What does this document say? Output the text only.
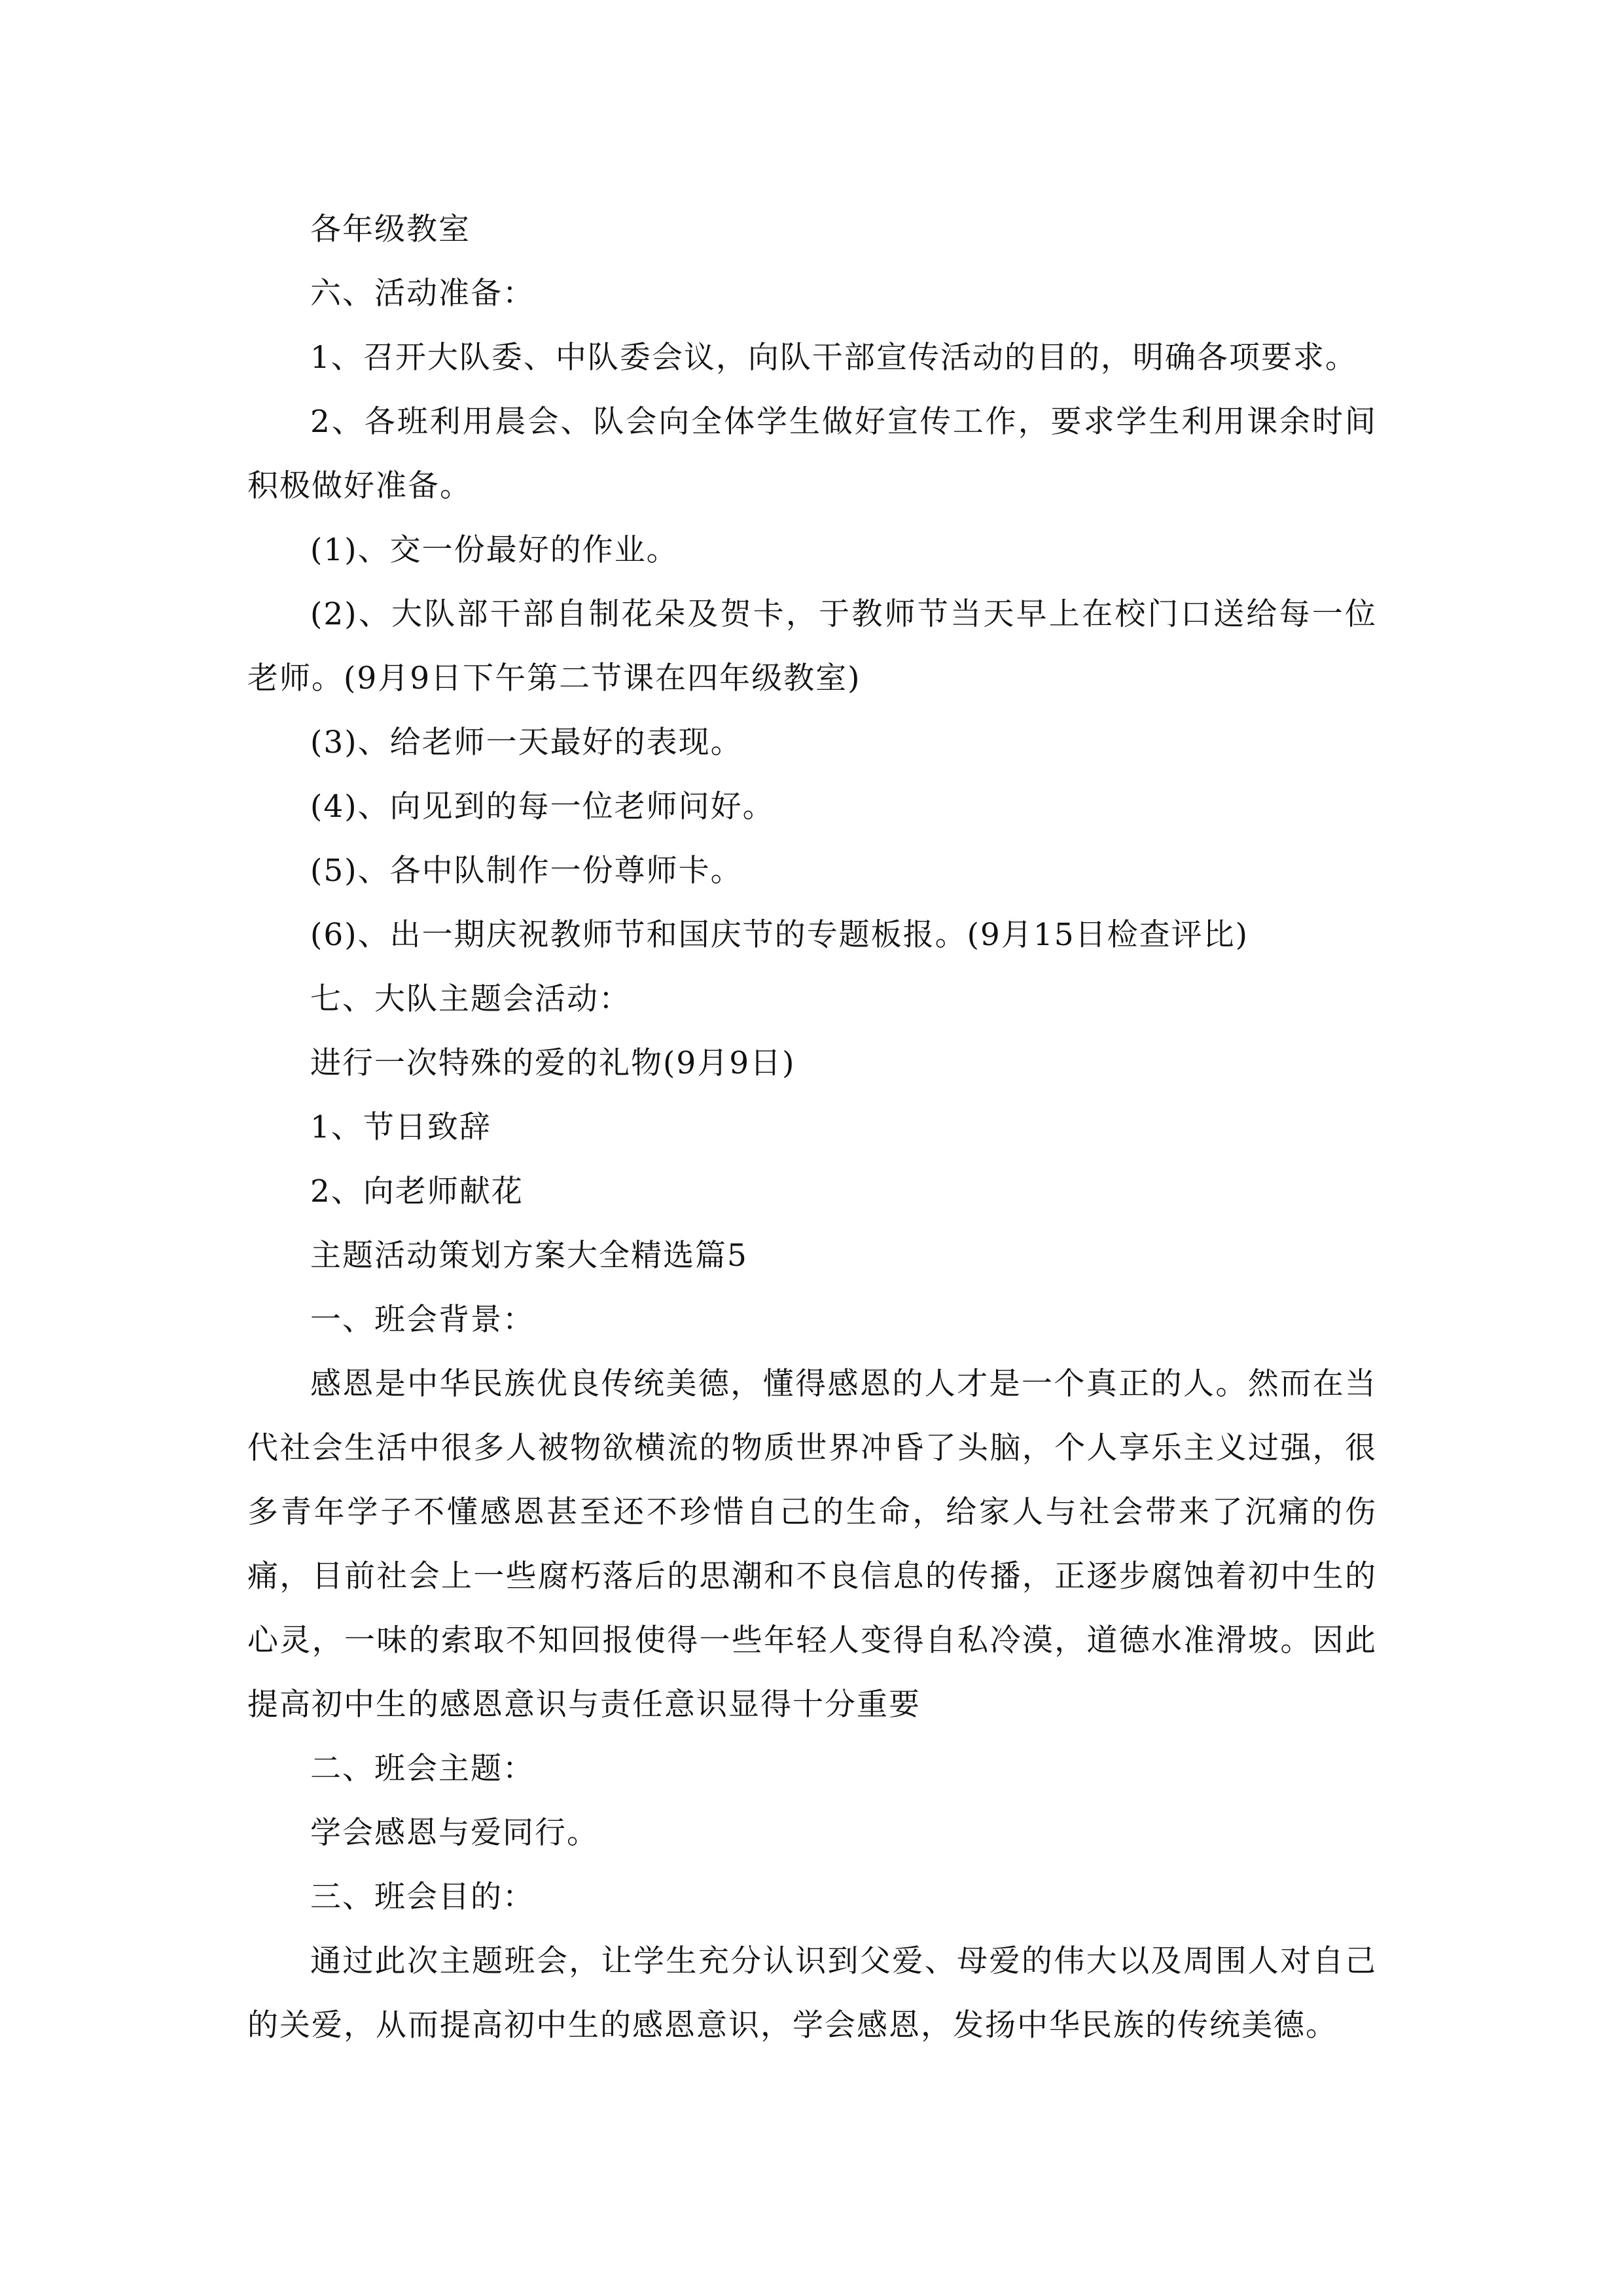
各年级教室

六、活动准备：

1、召开大队委、中队委会议，向队干部宣传活动的目的，明确各项要求。

2、各班利用晨会、队会向全体学生做好宣传工作，要求学生利用课余时间积极做好准备。

(1)、交一份最好的作业。

(2)、大队部干部自制花朵及贺卡，于教师节当天早上在校门口送给每一位老师。(9月9日下午第二节课在四年级教室)

(3)、给老师一天最好的表现。

(4)、向见到的每一位老师问好。

(5)、各中队制作一份尊师卡。

(6)、出一期庆祝教师节和国庆节的专题板报。(9月15日检查评比)

七、大队主题会活动：

进行一次特殊的爱的礼物(9月9日)

1、节日致辞

2、向老师献花

主题活动策划方案大全精选篇5

一、班会背景：

感恩是中华民族优良传统美德，懂得感恩的人才是一个真正的人。然而在当代社会生活中很多人被物欲横流的物质世界冲昏了头脑，个人享乐主义过强，很多青年学子不懂感恩甚至还不珍惜自己的生命，给家人与社会带来了沉痛的伤痛，目前社会上一些腐朽落后的思潮和不良信息的传播，正逐步腐蚀着初中生的心灵，一味的索取不知回报使得一些年轻人变得自私冷漠，道德水准滑坡。因此提高初中生的感恩意识与责任意识显得十分重要

二、班会主题：

学会感恩与爱同行。

三、班会目的：

通过此次主题班会，让学生充分认识到父爱、母爱的伟大以及周围人对自己的关爱，从而提高初中生的感恩意识，学会感恩，发扬中华民族的传统美德。
